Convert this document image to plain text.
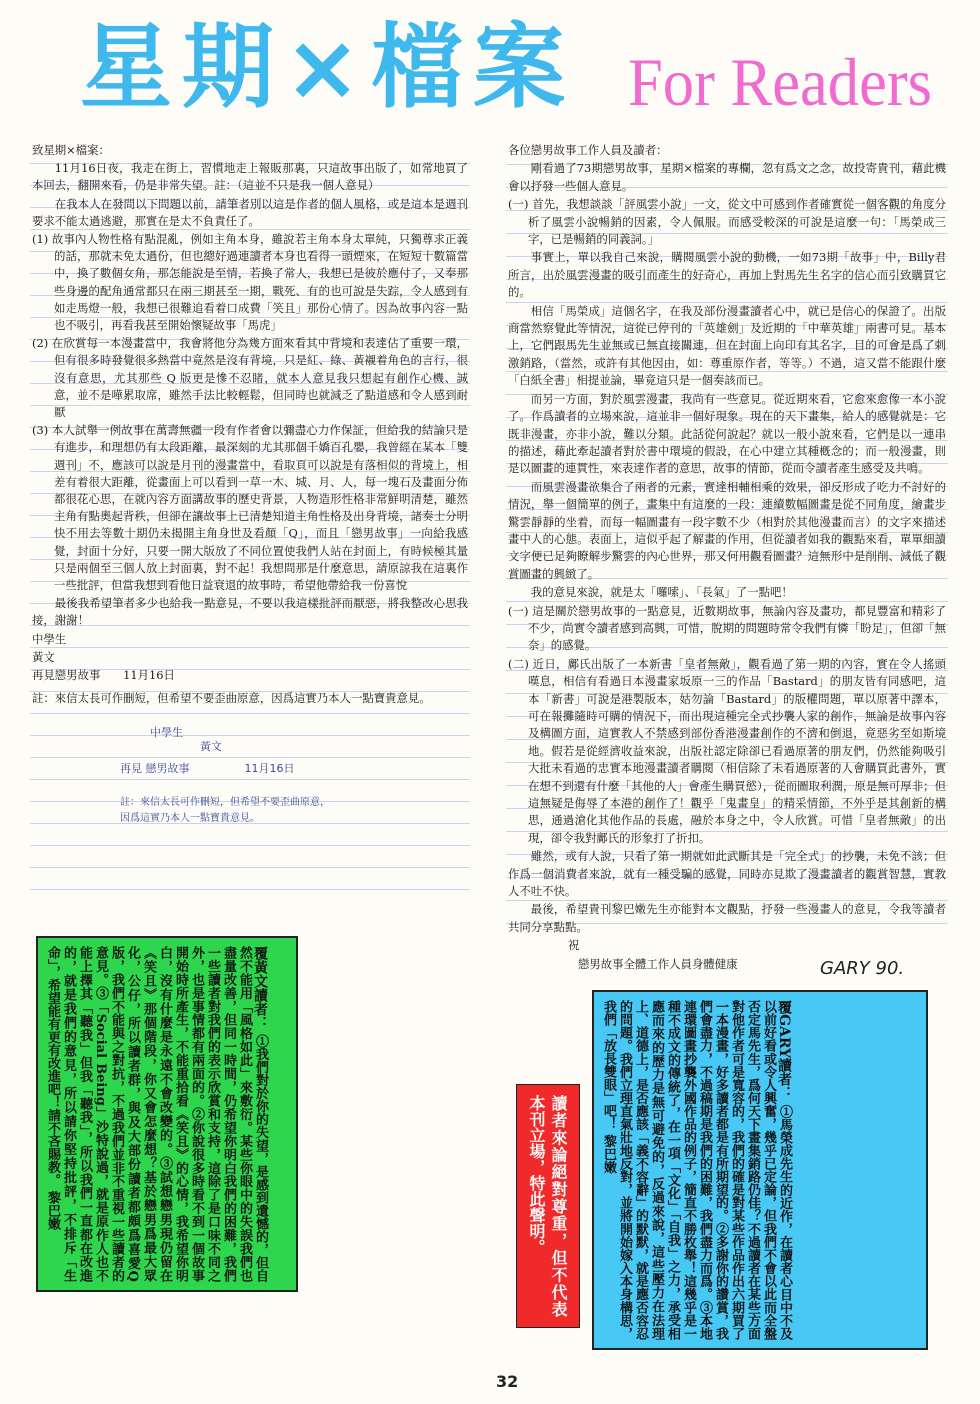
星期×檔案 For Readers

致星期×檔案：

11月16日夜，我走在街上，習慣地走上報販那裏，只這故事出版了，如常地買了本回去，翻開來看，仍是非常失望。註：（這並不只是我一個人意見）

在我本人在發問以下問題以前，請筆者別以這是作者的個人風格，或是這本是週刊要求不能太過逃避，那實在是太不負責任了。

(1) 故事內人物性格有點混亂，例如主角本身，雖說若主角本身太單純，只獨尊求正義的話，那就未免太過份，但也總好過連讀者本身也看得一頭煙來，在短短十數篇當中，換了數個女角，那怎能說是至情，若換了常人，我想已是彼於應付了，又奉那些身邊的配角通常都只在兩三期甚至一期，戰死、有的也可說是失踪，令人感到有如走馬燈一般，我想已很難追看着口成費「笑且」那份心情了。因為故事內容一點也不吸引，再看我甚至開始懷疑故事「馬虎」

(2) 在欣賞每一本漫畫當中，我會將他分為幾方面來看其中背境和表達佔了重要一環，但有很多時發覺很多熱當中竟然是沒有背境，只是紅、綠、黃襯着角色的言行，很沒有意思，尤其那些 Q 版更是慘不忍睹，就本人意見我只想起有創作心機、誠意，並不是嘩累取席，雖然手法比較輕鬆，但同時也就減乏了點道感和令人感到耐厭

(3) 本人試舉一例故事在萬壽無疆一段有作者會以彌盡心力作保証，但給我的結論只是有進步，和理想仍有太段距離，最深刻的尤其那個千嬌百孔嬰，我曾經在某本「雙週刊」不，應該可以說是月刊的漫畫當中，看取頁可以說是有落相似的背境上，相差有着很大距離，從畫面上可以看到一草一木、城、月、人，每一塊石及畫面分佈都很花心思，在就內容方面講故事的歷史背景，人物造形性格非常鮮明清楚，雖然主角有點奧起背秩，但卻在讓故事上已清楚知道主角性格及出身背境，諸奏士分明快不用去等數十期仍未揭開主角身世及看顏「Q」，而且「戀男故事」一向給我感覺，封面十分好，只要一開大版放了不同位置使我們人站在封面上，有時候極其量只是兩個至三個人放上封面裏，對不起！我想問那是什麼意思，請原諒我在這裏作一些批評，但當我想到看他日益衰退的故事時，希望他帶給我一份喜悅

最後我希望筆者多少也給我一點意見，不要以我這樣批評而厭惡，將我整改心思我接，謝謝！

中學生

黃文

再見戀男故事　　 11月16日

註：來信太長可作刪短，但希望不要歪曲原意，因爲這實乃本人一點寶貴意見。

中學生
黃文
再見 戀男故事　　　　　	11月16日
註：來信太長可作刪短，但希望不要歪曲原意，
因爲這實乃本人一點寶貴意見。

各位戀男故事工作人員及讀者：

剛看過了73期戀男故事，星期×檔案的專欄，忽有爲文之念，故投寄貴刊，藉此機會以抒發一些個人意見。

(一) 首先，我想談談「評風雲小說」一文，從文中可感到作者確實從一個客觀的角度分析了風雲小說暢銷的因素，令人佩服。而感受較深的可說是這麼一句：「馬榮成三字，已是暢銷的同義詞。」

事實上，單以我自己來說，購閱風雲小說的動機，一如73期「故事」中，Billy君所言，出於風雲漫畫的吸引而產生的好奇心，再加上對馬先生名字的信心而引致購買它的。

相信「馬榮成」這個名字，在我及部份漫畫讀者心中，就已是信心的保證了。出版商當然察覺此等情況，這從已停刊的「英雄劍」及近期的「中華英雄」兩書可見。基本上，它們跟馬先生並無或已無直接關連，但在封面上向印有其名字，目的可會是爲了剌激銷路，（當然，或許有其他因由，如：尊重原作者，等等。）不過，這又當不能跟什麼「白紙全書」相提並論，畢竟這只是一個奏該而已。

而另一方面，對於風雲漫畫，我尚有一些意見。從近期來看，它愈來愈像一本小說了。作爲讀者的立場來說，這並非一個好現象。現在的天下畫集，給人的感覺就是：它既非漫畫，亦非小說，難以分類。此話從何說起？就以一般小說來看，它們是以一連串的描述，藉此牽起讀者對於書中環境的假設，在心中建立其種槪念的；而一般漫畫，則是以圖畫的連貫性，來表達作者的意思，故事的情節，從而令讀者產生感受及共鳴。

而風雲漫畫欲集合了兩者的元素，實達相輔相乘的效果，卻反形成了吃力不討好的情況，舉一個簡單的例子，畫集中有這麼的一段：連續數幅圖畫是從不同角度，繪畫步驚雲靜靜的坐着，而每一幅圖畫有一段字數不少（相對於其他漫畫而言）的文字來描述畫中人的心態。表面上，這似乎起了解畫的作用，但從讀者如我的觀點來看，單單細讀文字便已足夠瞭解步驚雲的內心世界，那又何用觀看圖畫？這無形中是削削、減低了觀賞圖畫的興緻了。

我的意見來說，就是太「囉嗦」、「長氣」了一點吧！

(一) 這是關於戀男故事的一點意見，近數期故事，無論內容及畫功，都見豐富和精彩了不少，尚實令讀者感到高興，可惜，脫期的問題時常令我們有憐「盼足」，但卻「無奈」的感覺。

(二) 近日，鄺氏出版了一本新書「皇者無敵」，觀看過了第一期的內容，實在令人搖頭嘆息，相信有看過日本漫畫家坂原一三的作品「Bastard」的朋友皆有同感吧，這本「新書」可說是港製版本，姑勿論「Bastard」的版權問題，單以原著中譯本，可在報攤隨時可購的情況下，而出現這種完全式抄襲人家的創作，無論是故事內容及構圖方面，這實教人不禁感到部份香港漫畫創作的不濟和倒退，竟惡劣至如斯境地。假若是從經濟收益來說，出版社認定除卻已看過原著的朋友們，仍然能夠吸引大批未看過的忠實本地漫畫讀者購閱（相信除了未看過原著的人會購買此書外，實在想不到還有什麼「其他的人」會產生購買慾），從而圖取利潤，原是無可厚非；但這無疑是侮辱了本港的創作了！觀乎「鬼畫皇」的精采情節，不外乎是其創新的構思，通過滄化其他作品的長處，融於本身之中，令人欣賞。可惜「皇者無敵」的出現，卻令我對鄺氏的形象打了折扣。

雖然，或有人說，只看了第一期就如此武斷其是「完全式」的抄襲，未免不該；但作爲一個消費者來說，就有一種受騙的感覺，同時亦見欺了漫畫讀者的觀賞智慧，實教人不吐不快。

最後，希望貴刊黎巴嫩先生亦能對本文觀點，抒發一些漫畫人的意見，令我等讀者共同分享點點。

祝

戀男故事全體工作人員身體健康	GARY 90.
覆黃文讀者： ①我們對於你的失望，是感到遺憾的，但自然不能用「風格如此」來敷衍。某些你眼中的失誤我們也盡量改善，但同一時間，仍希望你明白我們的困難，我們一些讀者對我們的表示欣賞和支持，這除了是口味不同之外，也是事情都有兩面的。②你說很多時看不到一個故事開始時所產生，不能重拾看《笑且》的心情，我希望你明白，沒有什麼是永遠不會改變的。③試想戀男現仍留在《笑且》那個階段，你又會怎麼想？基於戀男爲最大眾化，公仔，所以讀者群，與及大部份讀者都頗爲喜愛Q版，我們不能與之對抗，不過我們並非不重視一些讀者的意見。③「Social Being」沙特說過，就是原作人也不能上擇其「聽我」但我「聽我」，所以我們一直都在改進的，就是我們的意見，所以請你堅持批評，不排斥「生命」，希望能有更有改進吧！請不吝賜教。 黎巴嫩	讀者來論絕對尊重，但不代表本刊立場，特此聲明。
覆GARY讀者： ①馬榮成先生的近作，在讀者心目中不及以前好看或令人興奮，幾乎已定論，但我們不會以此而全盤否定馬先生，爲何天下畫集銷路仍佳？不過讀者在某些方面對他作者可是寬容的，我們的確是對某些作品作出六期買了一本漫畫，好多讀者都是有所期望的。②多謝你的讚賞，我們會盡力，不過稿期是我們的困難，我們盡力而爲。③本地連環圖畫抄襲外國作品的例子，簡直不勝枚舉！這幾乎是一種不成文的傳統了，在一項「文化」「自我」之力，承受相應而來的歷力是無可避免的，反過來說，這些壓力在法理上、道德上，是否應該「義不容辭」的默默，就是應否容忍的問題。我們立理直氣壯地反對，並將開始嫁入本身構思，我們「放長雙眼」吧！ 黎巴嫩
32
